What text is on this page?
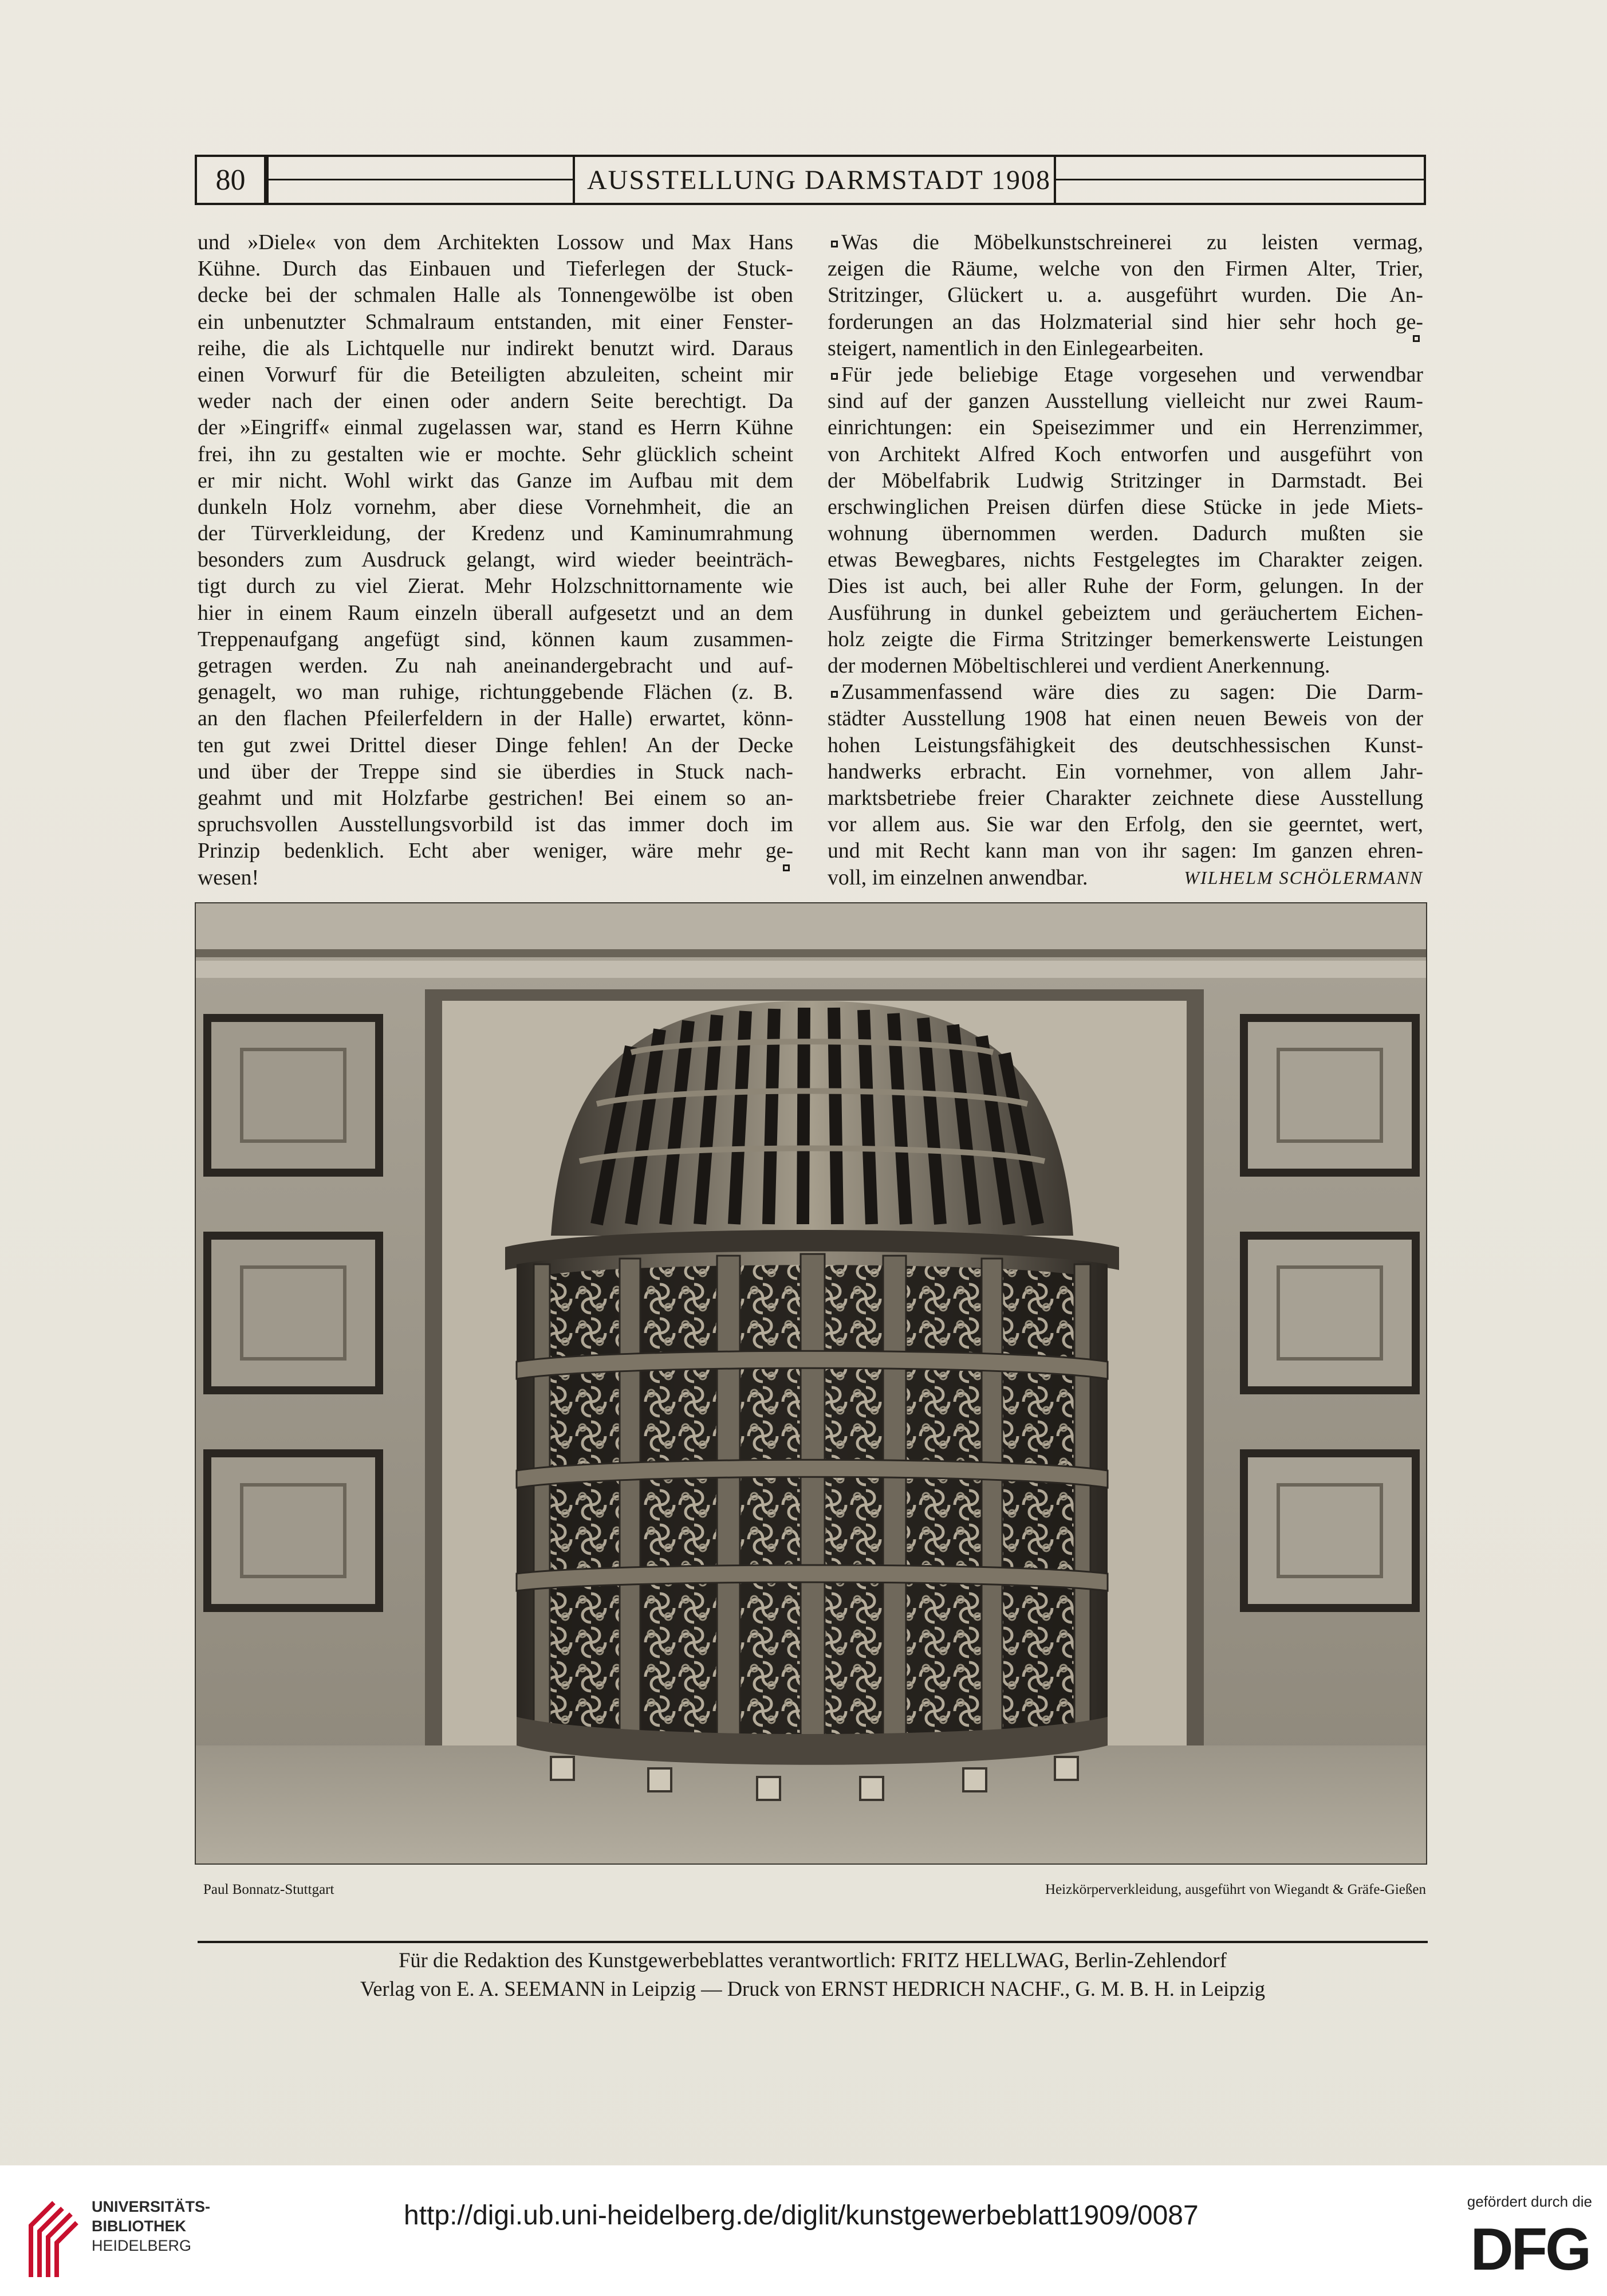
80	AUSSTELLUNG DARMSTADT 1908
und »Diele« von dem Architekten Lossow und Max Hans
Kühne. Durch das Einbauen und Tieferlegen der Stuck-
decke bei der schmalen Halle als Tonnengewölbe ist oben
ein unbenutzter Schmalraum entstanden, mit einer Fenster-
reihe, die als Lichtquelle nur indirekt benutzt wird. Daraus
einen Vorwurf für die Beteiligten abzuleiten, scheint mir
weder nach der einen oder andern Seite berechtigt. Da
der »Eingriff« einmal zugelassen war, stand es Herrn Kühne
frei, ihn zu gestalten wie er mochte. Sehr glücklich scheint
er mir nicht. Wohl wirkt das Ganze im Aufbau mit dem
dunkeln Holz vornehm, aber diese Vornehmheit, die an
der Türverkleidung, der Kredenz und Kaminumrahmung
besonders zum Ausdruck gelangt, wird wieder beeinträch-
tigt durch zu viel Zierat. Mehr Holzschnittornamente wie
hier in einem Raum einzeln überall aufgesetzt und an dem
Treppenaufgang angefügt sind, können kaum zusammen-
getragen werden. Zu nah aneinandergebracht und auf-
genagelt, wo man ruhige, richtunggebende Flächen (z. B.
an den flachen Pfeilerfeldern in der Halle) erwartet, könn-
ten gut zwei Drittel dieser Dinge fehlen! An der Decke
und über der Treppe sind sie überdies in Stuck nach-
geahmt und mit Holzfarbe gestrichen! Bei einem so an-
spruchsvollen Ausstellungsvorbild ist das immer doch im
Prinzip bedenklich. Echt aber weniger, wäre mehr ge-
wesen!
Was die Möbelkunstschreinerei zu leisten vermag,
zeigen die Räume, welche von den Firmen Alter, Trier,
Stritzinger, Glückert u. a. ausgeführt wurden. Die An-
forderungen an das Holzmaterial sind hier sehr hoch ge-
steigert, namentlich in den Einlegearbeiten.
Für jede beliebige Etage vorgesehen und verwendbar
sind auf der ganzen Ausstellung vielleicht nur zwei Raum-
einrichtungen: ein Speisezimmer und ein Herrenzimmer,
von Architekt Alfred Koch entworfen und ausgeführt von
der Möbelfabrik Ludwig Stritzinger in Darmstadt. Bei
erschwinglichen Preisen dürfen diese Stücke in jede Miets-
wohnung übernommen werden. Dadurch mußten sie
etwas Bewegbares, nichts Festgelegtes im Charakter zeigen.
Dies ist auch, bei aller Ruhe der Form, gelungen. In der
Ausführung in dunkel gebeiztem und geräuchertem Eichen-
holz zeigte die Firma Stritzinger bemerkenswerte Leistungen
der modernen Möbeltischlerei und verdient Anerkennung.
Zusammenfassend wäre dies zu sagen: Die Darm-
städter Ausstellung 1908 hat einen neuen Beweis von der
hohen Leistungsfähigkeit des deutschhessischen Kunst-
handwerks erbracht. Ein vornehmer, von allem Jahr-
marktsbetriebe freier Charakter zeichnete diese Ausstellung
vor allem aus. Sie war den Erfolg, den sie geerntet, wert,
und mit Recht kann man von ihr sagen: Im ganzen ehren-
voll, im einzelnen anwendbar.	WILHELM SCHÖLERMANN
Paul Bonnatz-Stuttgart	Heizkörperverkleidung, ausgeführt von Wiegandt & Gräfe-Gießen
Für die Redaktion des Kunstgewerbeblattes verantwortlich: FRITZ HELLWAG, Berlin-Zehlendorf
Verlag von E. A. SEEMANN in Leipzig — Druck von ERNST HEDRICH NACHF., G. M. B. H. in Leipzig
UNIVERSITÄTS-
BIBLIOTHEK
HEIDELBERG
http://digi.ub.uni-heidelberg.de/diglit/kunstgewerbeblatt1909/0087	gefördert durch die
DFG
